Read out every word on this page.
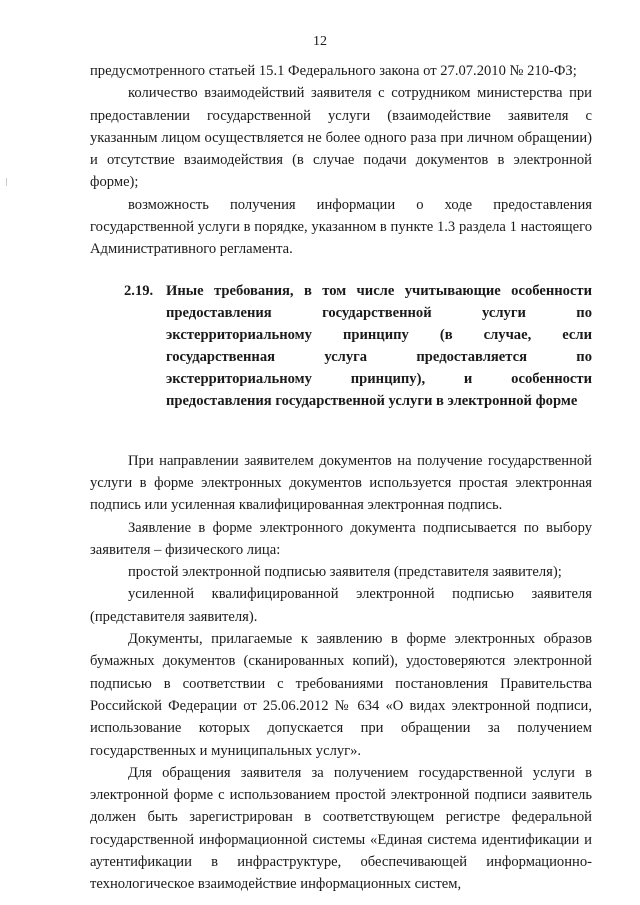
12

предусмотренного статьей 15.1 Федерального закона от 27.07.2010 № 210-ФЗ;

количество взаимодействий заявителя с сотрудником министерства при предоставлении государственной услуги (взаимодействие заявителя с указанным лицом осуществляется не более одного раза при личном обращении) и отсутствие взаимодействия (в случае подачи документов в электронной форме);

возможность получения информации о ходе предоставления государственной услуги в порядке, указанном в пункте 1.3 раздела 1 настоящего Административного регламента.

2.19. Иные требования, в том числе учитывающие особенности предоставления государственной услуги по экстерриториальному принципу (в случае, если государственная услуга предоставляется по экстерриториальному принципу), и особенности предоставления государственной услуги в электронной форме

При направлении заявителем документов на получение государственной услуги в форме электронных документов используется простая электронная подпись или усиленная квалифицированная электронная подпись.

Заявление в форме электронного документа подписывается по выбору заявителя – физического лица:

простой электронной подписью заявителя (представителя заявителя);

усиленной квалифицированной электронной подписью заявителя (представителя заявителя).

Документы, прилагаемые к заявлению в форме электронных образов бумажных документов (сканированных копий), удостоверяются электронной подписью в соответствии с требованиями постановления Правительства Российской Федерации от 25.06.2012 № 634 «О видах электронной подписи, использование которых допускается при обращении за получением государственных и муниципальных услуг».

Для обращения заявителя за получением государственной услуги в электронной форме с использованием простой электронной подписи заявитель должен быть зарегистрирован в соответствующем регистре федеральной государственной информационной системы «Единая система идентификации и аутентификации в инфраструктуре, обеспечивающей информационно-технологическое взаимодействие информационных систем,
